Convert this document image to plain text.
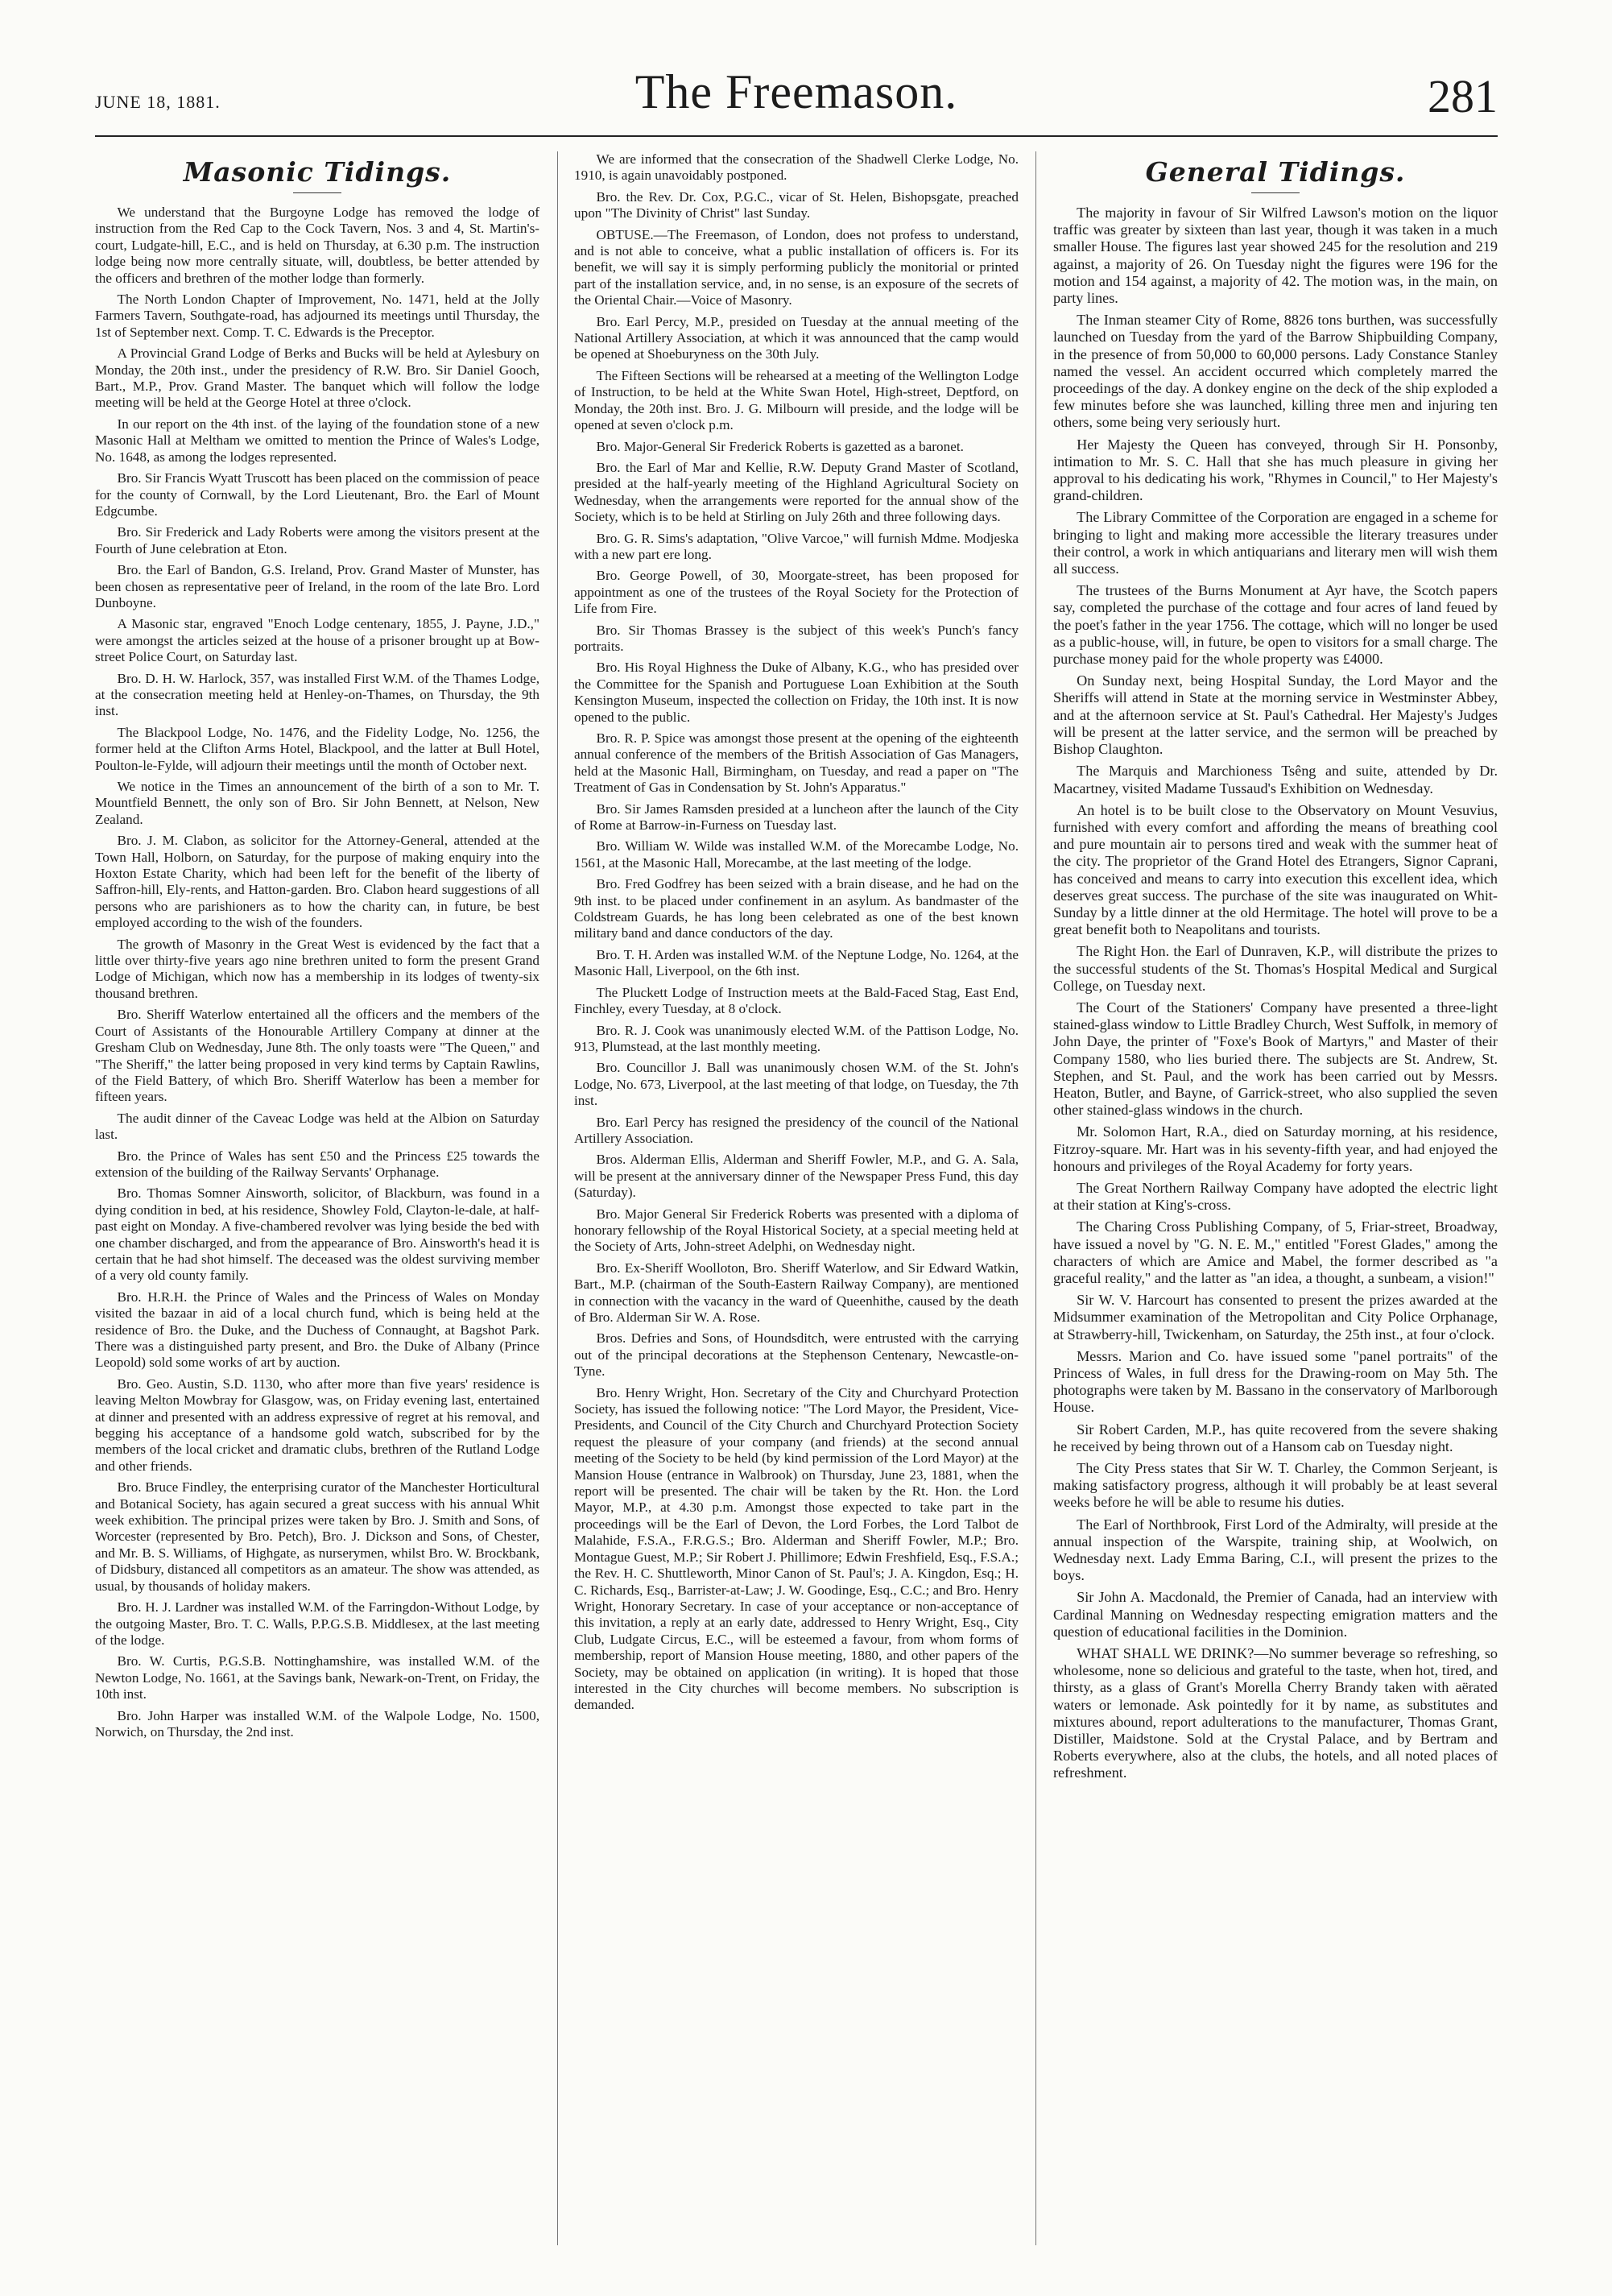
JUNE 18, 1881.	The Freemason.	281
Masonic Tidings.

We understand that the Burgoyne Lodge has removed the lodge of instruction from the Red Cap to the Cock Tavern, Nos. 3 and 4, St. Martin's-court, Ludgate-hill, E.C., and is held on Thursday, at 6.30 p.m. The instruction lodge being now more centrally situate, will, doubtless, be better attended by the officers and brethren of the mother lodge than formerly.

The North London Chapter of Improvement, No. 1471, held at the Jolly Farmers Tavern, Southgate-road, has adjourned its meetings until Thursday, the 1st of September next. Comp. T. C. Edwards is the Preceptor.

A Provincial Grand Lodge of Berks and Bucks will be held at Aylesbury on Monday, the 20th inst., under the presidency of R.W. Bro. Sir Daniel Gooch, Bart., M.P., Prov. Grand Master. The banquet which will follow the lodge meeting will be held at the George Hotel at three o'clock.

In our report on the 4th inst. of the laying of the foundation stone of a new Masonic Hall at Meltham we omitted to mention the Prince of Wales's Lodge, No. 1648, as among the lodges represented.

Bro. Sir Francis Wyatt Truscott has been placed on the commission of peace for the county of Cornwall, by the Lord Lieutenant, Bro. the Earl of Mount Edgcumbe.

Bro. Sir Frederick and Lady Roberts were among the visitors present at the Fourth of June celebration at Eton.

Bro. the Earl of Bandon, G.S. Ireland, Prov. Grand Master of Munster, has been chosen as representative peer of Ireland, in the room of the late Bro. Lord Dunboyne.

A Masonic star, engraved "Enoch Lodge centenary, 1855, J. Payne, J.D.," were amongst the articles seized at the house of a prisoner brought up at Bow-street Police Court, on Saturday last.

Bro. D. H. W. Harlock, 357, was installed First W.M. of the Thames Lodge, at the consecration meeting held at Henley-on-Thames, on Thursday, the 9th inst.

The Blackpool Lodge, No. 1476, and the Fidelity Lodge, No. 1256, the former held at the Clifton Arms Hotel, Blackpool, and the latter at Bull Hotel, Poulton-le-Fylde, will adjourn their meetings until the month of October next.

We notice in the Times an announcement of the birth of a son to Mr. T. Mountfield Bennett, the only son of Bro. Sir John Bennett, at Nelson, New Zealand.

Bro. J. M. Clabon, as solicitor for the Attorney-General, attended at the Town Hall, Holborn, on Saturday, for the purpose of making enquiry into the Hoxton Estate Charity, which had been left for the benefit of the liberty of Saffron-hill, Ely-rents, and Hatton-garden. Bro. Clabon heard suggestions of all persons who are parishioners as to how the charity can, in future, be best employed according to the wish of the founders.

The growth of Masonry in the Great West is evidenced by the fact that a little over thirty-five years ago nine brethren united to form the present Grand Lodge of Michigan, which now has a membership in its lodges of twenty-six thousand brethren.

Bro. Sheriff Waterlow entertained all the officers and the members of the Court of Assistants of the Honourable Artillery Company at dinner at the Gresham Club on Wednesday, June 8th. The only toasts were "The Queen," and "The Sheriff," the latter being proposed in very kind terms by Captain Rawlins, of the Field Battery, of which Bro. Sheriff Waterlow has been a member for fifteen years.

The audit dinner of the Caveac Lodge was held at the Albion on Saturday last.

Bro. the Prince of Wales has sent £50 and the Princess £25 towards the extension of the building of the Railway Servants' Orphanage.

Bro. Thomas Somner Ainsworth, solicitor, of Blackburn, was found in a dying condition in bed, at his residence, Showley Fold, Clayton-le-dale, at half-past eight on Monday. A five-chambered revolver was lying beside the bed with one chamber discharged, and from the appearance of Bro. Ainsworth's head it is certain that he had shot himself. The deceased was the oldest surviving member of a very old county family.

Bro. H.R.H. the Prince of Wales and the Princess of Wales on Monday visited the bazaar in aid of a local church fund, which is being held at the residence of Bro. the Duke, and the Duchess of Connaught, at Bagshot Park. There was a distinguished party present, and Bro. the Duke of Albany (Prince Leopold) sold some works of art by auction.

Bro. Geo. Austin, S.D. 1130, who after more than five years' residence is leaving Melton Mowbray for Glasgow, was, on Friday evening last, entertained at dinner and presented with an address expressive of regret at his removal, and begging his acceptance of a handsome gold watch, subscribed for by the members of the local cricket and dramatic clubs, brethren of the Rutland Lodge and other friends.

Bro. Bruce Findley, the enterprising curator of the Manchester Horticultural and Botanical Society, has again secured a great success with his annual Whit week exhibition. The principal prizes were taken by Bro. J. Smith and Sons, of Worcester (represented by Bro. Petch), Bro. J. Dickson and Sons, of Chester, and Mr. B. S. Williams, of Highgate, as nurserymen, whilst Bro. W. Brockbank, of Didsbury, distanced all competitors as an amateur. The show was attended, as usual, by thousands of holiday makers.

Bro. H. J. Lardner was installed W.M. of the Farringdon-Without Lodge, by the outgoing Master, Bro. T. C. Walls, P.P.G.S.B. Middlesex, at the last meeting of the lodge.

Bro. W. Curtis, P.G.S.B. Nottinghamshire, was installed W.M. of the Newton Lodge, No. 1661, at the Savings bank, Newark-on-Trent, on Friday, the 10th inst.

Bro. John Harper was installed W.M. of the Walpole Lodge, No. 1500, Norwich, on Thursday, the 2nd inst.

We are informed that the consecration of the Shadwell Clerke Lodge, No. 1910, is again unavoidably postponed.

Bro. the Rev. Dr. Cox, P.G.C., vicar of St. Helen, Bishopsgate, preached upon "The Divinity of Christ" last Sunday.

OBTUSE.—The Freemason, of London, does not profess to understand, and is not able to conceive, what a public installation of officers is. For its benefit, we will say it is simply performing publicly the monitorial or printed part of the installation service, and, in no sense, is an exposure of the secrets of the Oriental Chair.—Voice of Masonry.

Bro. Earl Percy, M.P., presided on Tuesday at the annual meeting of the National Artillery Association, at which it was announced that the camp would be opened at Shoeburyness on the 30th July.

The Fifteen Sections will be rehearsed at a meeting of the Wellington Lodge of Instruction, to be held at the White Swan Hotel, High-street, Deptford, on Monday, the 20th inst. Bro. J. G. Milbourn will preside, and the lodge will be opened at seven o'clock p.m.

Bro. Major-General Sir Frederick Roberts is gazetted as a baronet.

Bro. the Earl of Mar and Kellie, R.W. Deputy Grand Master of Scotland, presided at the half-yearly meeting of the Highland Agricultural Society on Wednesday, when the arrangements were reported for the annual show of the Society, which is to be held at Stirling on July 26th and three following days.

Bro. G. R. Sims's adaptation, "Olive Varcoe," will furnish Mdme. Modjeska with a new part ere long.

Bro. George Powell, of 30, Moorgate-street, has been proposed for appointment as one of the trustees of the Royal Society for the Protection of Life from Fire.

Bro. Sir Thomas Brassey is the subject of this week's Punch's fancy portraits.

Bro. His Royal Highness the Duke of Albany, K.G., who has presided over the Committee for the Spanish and Portuguese Loan Exhibition at the South Kensington Museum, inspected the collection on Friday, the 10th inst. It is now opened to the public.

Bro. R. P. Spice was amongst those present at the opening of the eighteenth annual conference of the members of the British Association of Gas Managers, held at the Masonic Hall, Birmingham, on Tuesday, and read a paper on "The Treatment of Gas in Condensation by St. John's Apparatus."

Bro. Sir James Ramsden presided at a luncheon after the launch of the City of Rome at Barrow-in-Furness on Tuesday last.

Bro. William W. Wilde was installed W.M. of the Morecambe Lodge, No. 1561, at the Masonic Hall, Morecambe, at the last meeting of the lodge.

Bro. Fred Godfrey has been seized with a brain disease, and he had on the 9th inst. to be placed under confinement in an asylum. As bandmaster of the Coldstream Guards, he has long been celebrated as one of the best known military band and dance conductors of the day.

Bro. T. H. Arden was installed W.M. of the Neptune Lodge, No. 1264, at the Masonic Hall, Liverpool, on the 6th inst.

The Pluckett Lodge of Instruction meets at the Bald-Faced Stag, East End, Finchley, every Tuesday, at 8 o'clock.

Bro. R. J. Cook was unanimously elected W.M. of the Pattison Lodge, No. 913, Plumstead, at the last monthly meeting.

Bro. Councillor J. Ball was unanimously chosen W.M. of the St. John's Lodge, No. 673, Liverpool, at the last meeting of that lodge, on Tuesday, the 7th inst.

Bro. Earl Percy has resigned the presidency of the council of the National Artillery Association.

Bros. Alderman Ellis, Alderman and Sheriff Fowler, M.P., and G. A. Sala, will be present at the anniversary dinner of the Newspaper Press Fund, this day (Saturday).

Bro. Major General Sir Frederick Roberts was presented with a diploma of honorary fellowship of the Royal Historical Society, at a special meeting held at the Society of Arts, John-street Adelphi, on Wednesday night.

Bro. Ex-Sheriff Woolloton, Bro. Sheriff Waterlow, and Sir Edward Watkin, Bart., M.P. (chairman of the South-Eastern Railway Company), are mentioned in connection with the vacancy in the ward of Queenhithe, caused by the death of Bro. Alderman Sir W. A. Rose.

Bros. Defries and Sons, of Houndsditch, were entrusted with the carrying out of the principal decorations at the Stephenson Centenary, Newcastle-on-Tyne.

Bro. Henry Wright, Hon. Secretary of the City and Churchyard Protection Society, has issued the following notice: "The Lord Mayor, the President, Vice-Presidents, and Council of the City Church and Churchyard Protection Society request the pleasure of your company (and friends) at the second annual meeting of the Society to be held (by kind permission of the Lord Mayor) at the Mansion House (entrance in Walbrook) on Thursday, June 23, 1881, when the report will be presented. The chair will be taken by the Rt. Hon. the Lord Mayor, M.P., at 4.30 p.m. Amongst those expected to take part in the proceedings will be the Earl of Devon, the Lord Forbes, the Lord Talbot de Malahide, F.S.A., F.R.G.S.; Bro. Alderman and Sheriff Fowler, M.P.; Bro. Montague Guest, M.P.; Sir Robert J. Phillimore; Edwin Freshfield, Esq., F.S.A.; the Rev. H. C. Shuttleworth, Minor Canon of St. Paul's; J. A. Kingdon, Esq.; H. C. Richards, Esq., Barrister-at-Law; J. W. Goodinge, Esq., C.C.; and Bro. Henry Wright, Honorary Secretary. In case of your acceptance or non-acceptance of this invitation, a reply at an early date, addressed to Henry Wright, Esq., City Club, Ludgate Circus, E.C., will be esteemed a favour, from whom forms of membership, report of Mansion House meeting, 1880, and other papers of the Society, may be obtained on application (in writing). It is hoped that those interested in the City churches will become members. No subscription is demanded.

General Tidings.

The majority in favour of Sir Wilfred Lawson's motion on the liquor traffic was greater by sixteen than last year, though it was taken in a much smaller House. The figures last year showed 245 for the resolution and 219 against, a majority of 26. On Tuesday night the figures were 196 for the motion and 154 against, a majority of 42. The motion was, in the main, on party lines.

The Inman steamer City of Rome, 8826 tons burthen, was successfully launched on Tuesday from the yard of the Barrow Shipbuilding Company, in the presence of from 50,000 to 60,000 persons. Lady Constance Stanley named the vessel. An accident occurred which completely marred the proceedings of the day. A donkey engine on the deck of the ship exploded a few minutes before she was launched, killing three men and injuring ten others, some being very seriously hurt.

Her Majesty the Queen has conveyed, through Sir H. Ponsonby, intimation to Mr. S. C. Hall that she has much pleasure in giving her approval to his dedicating his work, "Rhymes in Council," to Her Majesty's grand-children.

The Library Committee of the Corporation are engaged in a scheme for bringing to light and making more accessible the literary treasures under their control, a work in which antiquarians and literary men will wish them all success.

The trustees of the Burns Monument at Ayr have, the Scotch papers say, completed the purchase of the cottage and four acres of land feued by the poet's father in the year 1756. The cottage, which will no longer be used as a public-house, will, in future, be open to visitors for a small charge. The purchase money paid for the whole property was £4000.

On Sunday next, being Hospital Sunday, the Lord Mayor and the Sheriffs will attend in State at the morning service in Westminster Abbey, and at the afternoon service at St. Paul's Cathedral. Her Majesty's Judges will be present at the latter service, and the sermon will be preached by Bishop Claughton.

The Marquis and Marchioness Tsêng and suite, attended by Dr. Macartney, visited Madame Tussaud's Exhibition on Wednesday.

An hotel is to be built close to the Observatory on Mount Vesuvius, furnished with every comfort and affording the means of breathing cool and pure mountain air to persons tired and weak with the summer heat of the city. The proprietor of the Grand Hotel des Etrangers, Signor Caprani, has conceived and means to carry into execution this excellent idea, which deserves great success. The purchase of the site was inaugurated on Whit-Sunday by a little dinner at the old Hermitage. The hotel will prove to be a great benefit both to Neapolitans and tourists.

The Right Hon. the Earl of Dunraven, K.P., will distribute the prizes to the successful students of the St. Thomas's Hospital Medical and Surgical College, on Tuesday next.

The Court of the Stationers' Company have presented a three-light stained-glass window to Little Bradley Church, West Suffolk, in memory of John Daye, the printer of "Foxe's Book of Martyrs," and Master of their Company 1580, who lies buried there. The subjects are St. Andrew, St. Stephen, and St. Paul, and the work has been carried out by Messrs. Heaton, Butler, and Bayne, of Garrick-street, who also supplied the seven other stained-glass windows in the church.

Mr. Solomon Hart, R.A., died on Saturday morning, at his residence, Fitzroy-square. Mr. Hart was in his seventy-fifth year, and had enjoyed the honours and privileges of the Royal Academy for forty years.

The Great Northern Railway Company have adopted the electric light at their station at King's-cross.

The Charing Cross Publishing Company, of 5, Friar-street, Broadway, have issued a novel by "G. N. E. M.," entitled "Forest Glades," among the characters of which are Amice and Mabel, the former described as "a graceful reality," and the latter as "an idea, a thought, a sunbeam, a vision!"

Sir W. V. Harcourt has consented to present the prizes awarded at the Midsummer examination of the Metropolitan and City Police Orphanage, at Strawberry-hill, Twickenham, on Saturday, the 25th inst., at four o'clock.

Messrs. Marion and Co. have issued some "panel portraits" of the Princess of Wales, in full dress for the Drawing-room on May 5th. The photographs were taken by M. Bassano in the conservatory of Marlborough House.

Sir Robert Carden, M.P., has quite recovered from the severe shaking he received by being thrown out of a Hansom cab on Tuesday night.

The City Press states that Sir W. T. Charley, the Common Serjeant, is making satisfactory progress, although it will probably be at least several weeks before he will be able to resume his duties.

The Earl of Northbrook, First Lord of the Admiralty, will preside at the annual inspection of the Warspite, training ship, at Woolwich, on Wednesday next. Lady Emma Baring, C.I., will present the prizes to the boys.

Sir John A. Macdonald, the Premier of Canada, had an interview with Cardinal Manning on Wednesday respecting emigration matters and the question of educational facilities in the Dominion.

WHAT SHALL WE DRINK?—No summer beverage so refreshing, so wholesome, none so delicious and grateful to the taste, when hot, tired, and thirsty, as a glass of Grant's Morella Cherry Brandy taken with aërated waters or lemonade. Ask pointedly for it by name, as substitutes and mixtures abound, report adulterations to the manufacturer, Thomas Grant, Distiller, Maidstone. Sold at the Crystal Palace, and by Bertram and Roberts everywhere, also at the clubs, the hotels, and all noted places of refreshment.
